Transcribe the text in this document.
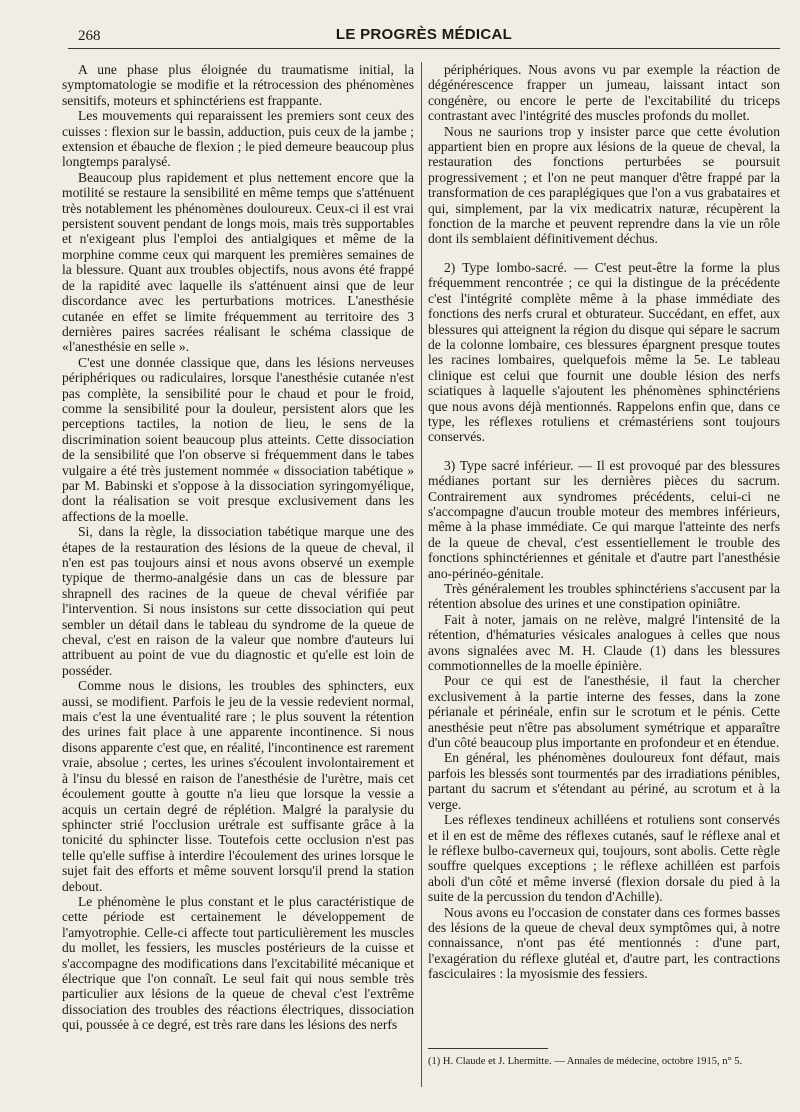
268	LE PROGRÈS MÉDICAL

A une phase plus éloignée du traumatisme initial, la symptomatologie se modifie et la rétrocession des phénomènes sensitifs, moteurs et sphinctériens est frappante.

Les mouvements qui reparaissent les premiers sont ceux des cuisses : flexion sur le bassin, adduction, puis ceux de la jambe ; extension et ébauche de flexion ; le pied demeure beaucoup plus longtemps paralysé.

Beaucoup plus rapidement et plus nettement encore que la motilité se restaure la sensibilité en même temps que s'atténuent très notablement les phénomènes douloureux. Ceux-ci il est vrai persistent souvent pendant de longs mois, mais très supportables et n'exigeant plus l'emploi des antialgiques et même de la morphine comme ceux qui marquent les premières semaines de la blessure. Quant aux troubles objectifs, nous avons été frappé de la rapidité avec laquelle ils s'atténuent ainsi que de leur discordance avec les perturbations motrices. L'anesthésie cutanée en effet se limite fréquemment au territoire des 3 dernières paires sacrées réalisant le schéma classique de «l'anesthésie en selle ».

C'est une donnée classique que, dans les lésions nerveuses périphériques ou radiculaires, lorsque l'anesthésie cutanée n'est pas complète, la sensibilité pour le chaud et pour le froid, comme la sensibilité pour la douleur, persistent alors que les perceptions tactiles, la notion de lieu, le sens de la discrimination soient beaucoup plus atteints. Cette dissociation de la sensibilité que l'on observe si fréquemment dans le tabes vulgaire a été très justement nommée « dissociation tabétique » par M. Babinski et s'oppose à la dissociation syringomyélique, dont la réalisation se voit presque exclusivement dans les affections de la moelle.

Si, dans la règle, la dissociation tabétique marque une des étapes de la restauration des lésions de la queue de cheval, il n'en est pas toujours ainsi et nous avons observé un exemple typique de thermo-analgésie dans un cas de blessure par shrapnell des racines de la queue de cheval vérifiée par l'intervention. Si nous insistons sur cette dissociation qui peut sembler un détail dans le tableau du syndrome de la queue de cheval, c'est en raison de la valeur que nombre d'auteurs lui attribuent au point de vue du diagnostic et qu'elle est loin de posséder.

Comme nous le disions, les troubles des sphincters, eux aussi, se modifient. Parfois le jeu de la vessie redevient normal, mais c'est la une éventualité rare ; le plus souvent la rétention des urines fait place à une apparente incontinence. Si nous disons apparente c'est que, en réalité, l'incontinence est rarement vraie, absolue ; certes, les urines s'écoulent involontairement et à l'insu du blessé en raison de l'anesthésie de l'urètre, mais cet écoulement goutte à goutte n'a lieu que lorsque la vessie a acquis un certain degré de réplétion. Malgré la paralysie du sphincter strié l'occlusion urétrale est suffisante grâce à la tonicité du sphincter lisse. Toutefois cette occlusion n'est pas telle qu'elle suffise à interdire l'écoulement des urines lorsque le sujet fait des efforts et même souvent lorsqu'il prend la station debout.

Le phénomène le plus constant et le plus caractéristique de cette période est certainement le développement de l'amyotrophie. Celle-ci affecte tout particulièrement les muscles du mollet, les fessiers, les muscles postérieurs de la cuisse et s'accompagne des modifications dans l'excitabilité mécanique et électrique que l'on connaît. Le seul fait qui nous semble très particulier aux lésions de la queue de cheval c'est l'extrême dissociation des troubles des réactions électriques, dissociation qui, poussée à ce degré, est très rare dans les lésions des nerfs

périphériques. Nous avons vu par exemple la réaction de dégénérescence frapper un jumeau, laissant intact son congénère, ou encore le perte de l'excitabilité du triceps contrastant avec l'intégrité des muscles profonds du mollet.

Nous ne saurions trop y insister parce que cette évolution appartient bien en propre aux lésions de la queue de cheval, la restauration des fonctions perturbées se poursuit progressivement ; et l'on ne peut manquer d'être frappé par la transformation de ces paraplégiques que l'on a vus grabataires et qui, simplement, par la vix medicatrix naturæ, récupèrent la fonction de la marche et peuvent reprendre dans la vie un rôle dont ils semblaient définitivement déchus.

2) Type lombo-sacré. — C'est peut-être la forme la plus fréquemment rencontrée ; ce qui la distingue de la précédente c'est l'intégrité complète même à la phase immédiate des fonctions des nerfs crural et obturateur. Succédant, en effet, aux blessures qui atteignent la région du disque qui sépare le sacrum de la colonne lombaire, ces blessures épargnent presque toutes les racines lombaires, quelquefois même la 5e. Le tableau clinique est celui que fournit une double lésion des nerfs sciatiques à laquelle s'ajoutent les phénomènes sphinctériens que nous avons déjà mentionnés. Rappelons enfin que, dans ce type, les réflexes rotuliens et crémastériens sont toujours conservés.

3) Type sacré inférieur. — Il est provoqué par des blessures médianes portant sur les dernières pièces du sacrum. Contrairement aux syndromes précédents, celui-ci ne s'accompagne d'aucun trouble moteur des membres inférieurs, même à la phase immédiate. Ce qui marque l'atteinte des nerfs de la queue de cheval, c'est essentiellement le trouble des fonctions sphinctériennes et génitale et d'autre part l'anesthésie ano-périnéo-génitale.

Très généralement les troubles sphinctériens s'accusent par la rétention absolue des urines et une constipation opiniâtre.

Fait à noter, jamais on ne relève, malgré l'intensité de la rétention, d'hématuries vésicales analogues à celles que nous avons signalées avec M. H. Claude (1) dans les blessures commotionnelles de la moelle épinière.

Pour ce qui est de l'anesthésie, il faut la chercher exclusivement à la partie interne des fesses, dans la zone périanale et périnéale, enfin sur le scrotum et le pénis. Cette anesthésie peut n'être pas absolument symétrique et apparaître d'un côté beaucoup plus importante en profondeur et en étendue.

En général, les phénomènes douloureux font défaut, mais parfois les blessés sont tourmentés par des irradiations pénibles, partant du sacrum et s'étendant au périné, au scrotum et à la verge.

Les réflexes tendineux achilléens et rotuliens sont conservés et il en est de même des réflexes cutanés, sauf le réflexe anal et le réflexe bulbo-caverneux qui, toujours, sont abolis. Cette règle souffre quelques exceptions ; le réflexe achilléen est parfois aboli d'un côté et même inversé (flexion dorsale du pied à la suite de la percussion du tendon d'Achille).

Nous avons eu l'occasion de constater dans ces formes basses des lésions de la queue de cheval deux symptômes qui, à notre connaissance, n'ont pas été mentionnés : d'une part, l'exagération du réflexe glutéal et, d'autre part, les contractions fasciculaires : la myosismie des fessiers.

(1) H. Claude et J. Lhermitte. — Annales de médecine, octobre 1915, n° 5.
